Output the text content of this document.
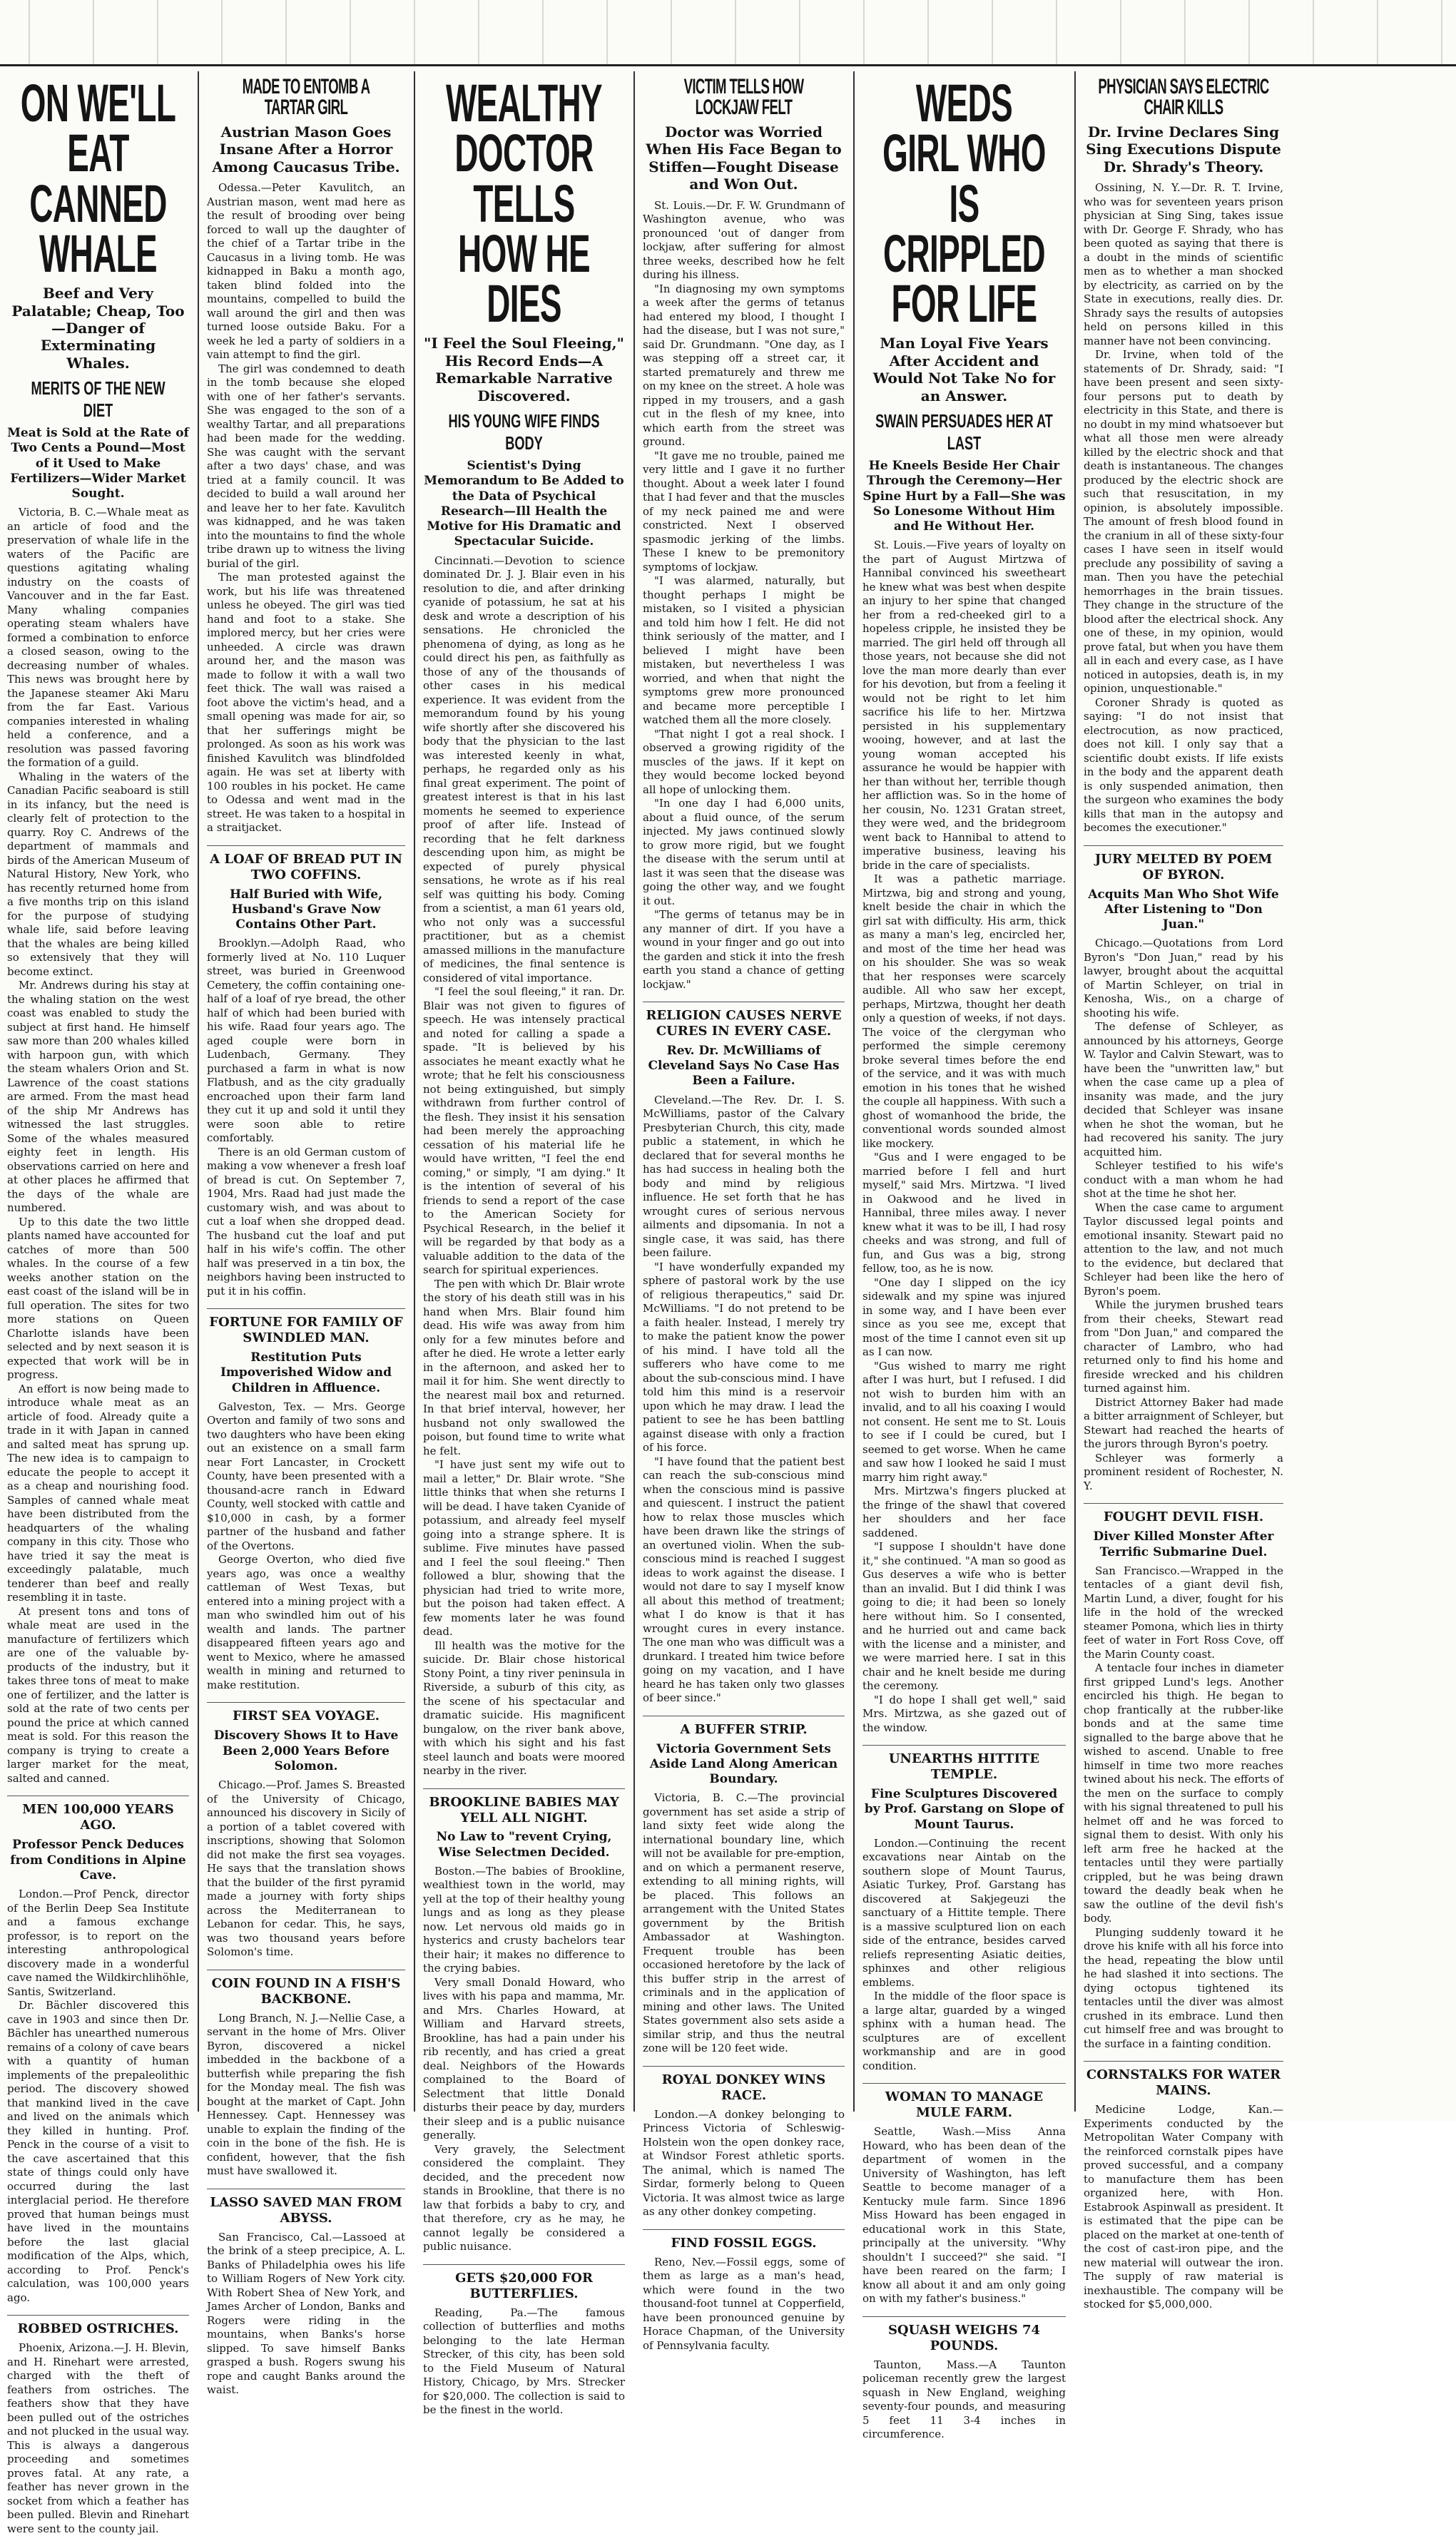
ON WE'LL EAT CANNED WHALE
Beef and Very Palatable; Cheap, Too—Danger of Exterminating Whales.
MERITS OF THE NEW DIET
Meat is Sold at the Rate of Two Cents a Pound—Most of it Used to Make Fertilizers—Wider Market Sought.

Victoria, B. C.—Whale meat as an article of food and the preservation of whale life in the waters of the Pacific are questions agitating whaling industry on the coasts of Vancouver and in the far East. Many whaling companies operating steam whalers have formed a combination to enforce a closed season, owing to the decreasing number of whales. This news was brought here by the Japanese steamer Aki Maru from the far East. Various companies interested in whaling held a conference, and a resolution was passed favoring the formation of a guild.

Whaling in the waters of the Canadian Pacific seaboard is still in its infancy, but the need is clearly felt of protection to the quarry. Roy C. Andrews of the department of mammals and birds of the American Museum of Natural History, New York, who has recently returned home from a five months trip on this island for the purpose of studying whale life, said before leaving that the whales are being killed so extensively that they will become extinct.

Mr. Andrews during his stay at the whaling station on the west coast was enabled to study the subject at first hand. He himself saw more than 200 whales killed with harpoon gun, with which the steam whalers Orion and St. Lawrence of the coast stations are armed. From the mast head of the ship Mr Andrews has witnessed the last struggles. Some of the whales measured eighty feet in length. His observations carried on here and at other places he affirmed that the days of the whale are numbered.

Up to this date the two little plants named have accounted for catches of more than 500 whales. In the course of a few weeks another station on the east coast of the island will be in full operation. The sites for two more stations on Queen Charlotte islands have been selected and by next season it is expected that work will be in progress.

An effort is now being made to introduce whale meat as an article of food. Already quite a trade in it with Japan in canned and salted meat has sprung up. The new idea is to campaign to educate the people to accept it as a cheap and nourishing food. Samples of canned whale meat have been distributed from the headquarters of the whaling company in this city. Those who have tried it say the meat is exceedingly palatable, much tenderer than beef and really resembling it in taste.

At present tons and tons of whale meat are used in the manufacture of fertilizers which are one of the valuable by-products of the industry, but it takes three tons of meat to make one of fertilizer, and the latter is sold at the rate of two cents per pound the price at which canned meat is sold. For this reason the company is trying to create a larger market for the meat, salted and canned.

MEN 100,000 YEARS AGO.
Professor Penck Deduces from Conditions in Alpine Cave.

London.—Prof Penck, director of the Berlin Deep Sea Institute and a famous exchange professor, is to report on the interesting anthropological discovery made in a wonderful cave named the Wildkirchlihöhle, Santis, Switzerland.

Dr. Bächler discovered this cave in 1903 and since then Dr. Bächler has unearthed numerous remains of a colony of cave bears with a quantity of human implements of the prepaleolithic period. The discovery showed that mankind lived in the cave and lived on the animals which they killed in hunting. Prof. Penck in the course of a visit to the cave ascertained that this state of things could only have occurred during the last interglacial period. He therefore proved that human beings must have lived in the mountains before the last glacial modification of the Alps, which, according to Prof. Penck's calculation, was 100,000 years ago.

ROBBED OSTRICHES.

Phoenix, Arizona.—J. H. Blevin, and H. Rinehart were arrested, charged with the theft of feathers from ostriches. The feathers show that they have been pulled out of the ostriches and not plucked in the usual way. This is always a dangerous proceeding and sometimes proves fatal. At any rate, a feather has never grown in the socket from which a feather has been pulled. Blevin and Rinehart were sent to the county jail.

MADE TO ENTOMB A TARTAR GIRL
Austrian Mason Goes Insane After a Horror Among Caucasus Tribe.

Odessa.—Peter Kavulitch, an Austrian mason, went mad here as the result of brooding over being forced to wall up the daughter of the chief of a Tartar tribe in the Caucasus in a living tomb. He was kidnapped in Baku a month ago, taken blind folded into the mountains, compelled to build the wall around the girl and then was turned loose outside Baku. For a week he led a party of soldiers in a vain attempt to find the girl.

The girl was condemned to death in the tomb because she eloped with one of her father's servants. She was engaged to the son of a wealthy Tartar, and all preparations had been made for the wedding. She was caught with the servant after a two days' chase, and was tried at a family council. It was decided to build a wall around her and leave her to her fate. Kavulitch was kidnapped, and he was taken into the mountains to find the whole tribe drawn up to witness the living burial of the girl.

The man protested against the work, but his life was threatened unless he obeyed. The girl was tied hand and foot to a stake. She implored mercy, but her cries were unheeded. A circle was drawn around her, and the mason was made to follow it with a wall two feet thick. The wall was raised a foot above the victim's head, and a small opening was made for air, so that her sufferings might be prolonged. As soon as his work was finished Kavulitch was blindfolded again. He was set at liberty with 100 roubles in his pocket. He came to Odessa and went mad in the street. He was taken to a hospital in a straitjacket.

A LOAF OF BREAD PUT IN TWO COFFINS.
Half Buried with Wife, Husband's Grave Now Contains Other Part.

Brooklyn.—Adolph Raad, who formerly lived at No. 110 Luquer street, was buried in Greenwood Cemetery, the coffin containing one-half of a loaf of rye bread, the other half of which had been buried with his wife. Raad four years ago. The aged couple were born in Ludenbach, Germany. They purchased a farm in what is now Flatbush, and as the city gradually encroached upon their farm land they cut it up and sold it until they were soon able to retire comfortably.

There is an old German custom of making a vow whenever a fresh loaf of bread is cut. On September 7, 1904, Mrs. Raad had just made the customary wish, and was about to cut a loaf when she dropped dead. The husband cut the loaf and put half in his wife's coffin. The other half was preserved in a tin box, the neighbors having been instructed to put it in his coffin.

FORTUNE FOR FAMILY OF SWINDLED MAN.
Restitution Puts Impoverished Widow and Children in Affluence.

Galveston, Tex. — Mrs. George Overton and family of two sons and two daughters who have been eking out an existence on a small farm near Fort Lancaster, in Crockett County, have been presented with a thousand-acre ranch in Edward County, well stocked with cattle and $10,000 in cash, by a former partner of the husband and father of the Overtons.

George Overton, who died five years ago, was once a wealthy cattleman of West Texas, but entered into a mining project with a man who swindled him out of his wealth and lands. The partner disappeared fifteen years ago and went to Mexico, where he amassed wealth in mining and returned to make restitution.

FIRST SEA VOYAGE.
Discovery Shows It to Have Been 2,000 Years Before Solomon.

Chicago.—Prof. James S. Breasted of the University of Chicago, announced his discovery in Sicily of a portion of a tablet covered with inscriptions, showing that Solomon did not make the first sea voyages. He says that the translation shows that the builder of the first pyramid made a journey with forty ships across the Mediterranean to Lebanon for cedar. This, he says, was two thousand years before Solomon's time.

COIN FOUND IN A FISH'S BACKBONE.

Long Branch, N. J.—Nellie Case, a servant in the home of Mrs. Oliver Byron, discovered a nickel imbedded in the backbone of a butterfish while preparing the fish for the Monday meal. The fish was bought at the market of Capt. John Hennessey. Capt. Hennessey was unable to explain the finding of the coin in the bone of the fish. He is confident, however, that the fish must have swallowed it.

LASSO SAVED MAN FROM ABYSS.

San Francisco, Cal.—Lassoed at the brink of a steep precipice, A. L. Banks of Philadelphia owes his life to William Rogers of New York city. With Robert Shea of New York, and James Archer of London, Banks and Rogers were riding in the mountains, when Banks's horse slipped. To save himself Banks grasped a bush. Rogers swung his rope and caught Banks around the waist.

WEALTHY DOCTOR TELLS HOW HE DIES
"I Feel the Soul Fleeing," His Record Ends—A Remarkable Narrative Discovered.
HIS YOUNG WIFE FINDS BODY
Scientist's Dying Memorandum to Be Added to the Data of Psychical Research—Ill Health the Motive for His Dramatic and Spectacular Suicide.

Cincinnati.—Devotion to science dominated Dr. J. J. Blair even in his resolution to die, and after drinking cyanide of potassium, he sat at his desk and wrote a description of his sensations. He chronicled the phenomena of dying, as long as he could direct his pen, as faithfully as those of any of the thousands of other cases in his medical experience. It was evident from the memorandum found by his young wife shortly after she discovered his body that the physician to the last was interested keenly in what, perhaps, he regarded only as his final great experiment. The point of greatest interest is that in his last moments he seemed to experience proof of after life. Instead of recording that he felt darkness descending upon him, as might be expected of purely physical sensations, he wrote as if his real self was quitting his body. Coming from a scientist, a man 61 years old, who not only was a successful practitioner, but as a chemist amassed millions in the manufacture of medicines, the final sentence is considered of vital importance.

"I feel the soul fleeing," it ran. Dr. Blair was not given to figures of speech. He was intensely practical and noted for calling a spade a spade. "It is believed by his associates he meant exactly what he wrote; that he felt his consciousness not being extinguished, but simply withdrawn from further control of the flesh. They insist it his sensation had been merely the approaching cessation of his material life he would have written, "I feel the end coming," or simply, "I am dying." It is the intention of several of his friends to send a report of the case to the American Society for Psychical Research, in the belief it will be regarded by that body as a valuable addition to the data of the search for spiritual experiences.

The pen with which Dr. Blair wrote the story of his death still was in his hand when Mrs. Blair found him dead. His wife was away from him only for a few minutes before and after he died. He wrote a letter early in the afternoon, and asked her to mail it for him. She went directly to the nearest mail box and returned. In that brief interval, however, her husband not only swallowed the poison, but found time to write what he felt.

"I have just sent my wife out to mail a letter," Dr. Blair wrote. "She little thinks that when she returns I will be dead. I have taken Cyanide of potassium, and already feel myself going into a strange sphere. It is sublime. Five minutes have passed and I feel the soul fleeing." Then followed a blur, showing that the physician had tried to write more, but the poison had taken effect. A few moments later he was found dead.

Ill health was the motive for the suicide. Dr. Blair chose historical Stony Point, a tiny river peninsula in Riverside, a suburb of this city, as the scene of his spectacular and dramatic suicide. His magnificent bungalow, on the river bank above, with which his sight and his fast steel launch and boats were moored nearby in the river.

BROOKLINE BABIES MAY YELL ALL NIGHT.
No Law to "revent Crying, Wise Selectmen Decided.

Boston.—The babies of Brookline, wealthiest town in the world, may yell at the top of their healthy young lungs and as long as they please now. Let nervous old maids go in hysterics and crusty bachelors tear their hair; it makes no difference to the crying babies.

Very small Donald Howard, who lives with his papa and mamma, Mr. and Mrs. Charles Howard, at William and Harvard streets, Brookline, has had a pain under his rib recently, and has cried a great deal. Neighbors of the Howards complained to the Board of Selectment that little Donald disturbs their peace by day, murders their sleep and is a public nuisance generally.

Very gravely, the Selectment considered the complaint. They decided, and the precedent now stands in Brookline, that there is no law that forbids a baby to cry, and that therefore, cry as he may, he cannot legally be considered a public nuisance.

GETS $20,000 FOR BUTTERFLIES.

Reading, Pa.—The famous collection of butterflies and moths belonging to the late Herman Strecker, of this city, has been sold to the Field Museum of Natural History, Chicago, by Mrs. Strecker for $20,000. The collection is said to be the finest in the world.

VICTIM TELLS HOW LOCKJAW FELT
Doctor was Worried When His Face Began to Stiffen—Fought Disease and Won Out.

St. Louis.—Dr. F. W. Grundmann of Washington avenue, who was pronounced 'out of danger from lockjaw, after suffering for almost three weeks, described how he felt during his illness.

"In diagnosing my own symptoms a week after the germs of tetanus had entered my blood, I thought I had the disease, but I was not sure," said Dr. Grundmann. "One day, as I was stepping off a street car, it started prematurely and threw me on my knee on the street. A hole was ripped in my trousers, and a gash cut in the flesh of my knee, into which earth from the street was ground.

"It gave me no trouble, pained me very little and I gave it no further thought. About a week later I found that I had fever and that the muscles of my neck pained me and were constricted. Next I observed spasmodic jerking of the limbs. These I knew to be premonitory symptoms of lockjaw.

"I was alarmed, naturally, but thought perhaps I might be mistaken, so I visited a physician and told him how I felt. He did not think seriously of the matter, and I believed I might have been mistaken, but nevertheless I was worried, and when that night the symptoms grew more pronounced and became more perceptible I watched them all the more closely.

"That night I got a real shock. I observed a growing rigidity of the muscles of the jaws. If it kept on they would become locked beyond all hope of unlocking them.

"In one day I had 6,000 units, about a fluid ounce, of the serum injected. My jaws continued slowly to grow more rigid, but we fought the disease with the serum until at last it was seen that the disease was going the other way, and we fought it out.

"The germs of tetanus may be in any manner of dirt. If you have a wound in your finger and go out into the garden and stick it into the fresh earth you stand a chance of getting lockjaw."

RELIGION CAUSES NERVE CURES IN EVERY CASE.
Rev. Dr. McWilliams of Cleveland Says No Case Has Been a Failure.

Cleveland.—The Rev. Dr. I. S. McWilliams, pastor of the Calvary Presbyterian Church, this city, made public a statement, in which he declared that for several months he has had success in healing both the body and mind by religious influence. He set forth that he has wrought cures of serious nervous ailments and dipsomania. In not a single case, it was said, has there been failure.

"I have wonderfully expanded my sphere of pastoral work by the use of religious therapeutics," said Dr. McWilliams. "I do not pretend to be a faith healer. Instead, I merely try to make the patient know the power of his mind. I have told all the sufferers who have come to me about the sub-conscious mind. I have told him this mind is a reservoir upon which he may draw. I lead the patient to see he has been battling against disease with only a fraction of his force.

"I have found that the patient best can reach the sub-conscious mind when the conscious mind is passive and quiescent. I instruct the patient how to relax those muscles which have been drawn like the strings of an overtuned violin. When the sub-conscious mind is reached I suggest ideas to work against the disease. I would not dare to say I myself know all about this method of treatment; what I do know is that it has wrought cures in every instance. The one man who was difficult was a drunkard. I treated him twice before going on my vacation, and I have heard he has taken only two glasses of beer since."

A BUFFER STRIP.
Victoria Government Sets Aside Land Along American Boundary.

Victoria, B. C.—The provincial government has set aside a strip of land sixty feet wide along the international boundary line, which will not be available for pre-emption, and on which a permanent reserve, extending to all mining rights, will be placed. This follows an arrangement with the United States government by the British Ambassador at Washington. Frequent trouble has been occasioned heretofore by the lack of this buffer strip in the arrest of criminals and in the application of mining and other laws. The United States government also sets aside a similar strip, and thus the neutral zone will be 120 feet wide.

ROYAL DONKEY WINS RACE.

London.—A donkey belonging to Princess Victoria of Schleswig-Holstein won the open donkey race, at Windsor Forest athletic sports. The animal, which is named The Sirdar, formerly belong to Queen Victoria. It was almost twice as large as any other donkey competing.

FIND FOSSIL EGGS.

Reno, Nev.—Fossil eggs, some of them as large as a man's head, which were found in the two thousand-foot tunnel at Copperfield, have been pronounced genuine by Horace Chapman, of the University of Pennsylvania faculty.

WEDS GIRL WHO IS CRIPPLED FOR LIFE
Man Loyal Five Years After Accident and Would Not Take No for an Answer.
SWAIN PERSUADES HER AT LAST
He Kneels Beside Her Chair Through the Ceremony—Her Spine Hurt by a Fall—She was So Lonesome Without Him and He Without Her.

St. Louis.—Five years of loyalty on the part of August Mirtzwa of Hannibal convinced his sweetheart he knew what was best when despite an injury to her spine that changed her from a red-cheeked girl to a hopeless cripple, he insisted they be married. The girl held off through all those years, not because she did not love the man more dearly than ever for his devotion, but from a feeling it would not be right to let him sacrifice his life to her. Mirtzwa persisted in his supplementary wooing, however, and at last the young woman accepted his assurance he would be happier with her than without her, terrible though her affliction was. So in the home of her cousin, No. 1231 Gratan street, they were wed, and the bridegroom went back to Hannibal to attend to imperative business, leaving his bride in the care of specialists.

It was a pathetic marriage. Mirtzwa, big and strong and young, knelt beside the chair in which the girl sat with difficulty. His arm, thick as many a man's leg, encircled her, and most of the time her head was on his shoulder. She was so weak that her responses were scarcely audible. All who saw her except, perhaps, Mirtzwa, thought her death only a question of weeks, if not days. The voice of the clergyman who performed the simple ceremony broke several times before the end of the service, and it was with much emotion in his tones that he wished the couple all happiness. With such a ghost of womanhood the bride, the conventional words sounded almost like mockery.

"Gus and I were engaged to be married before I fell and hurt myself," said Mrs. Mirtzwa. "I lived in Oakwood and he lived in Hannibal, three miles away. I never knew what it was to be ill, I had rosy cheeks and was strong, and full of fun, and Gus was a big, strong fellow, too, as he is now.

"One day I slipped on the icy sidewalk and my spine was injured in some way, and I have been ever since as you see me, except that most of the time I cannot even sit up as I can now.

"Gus wished to marry me right after I was hurt, but I refused. I did not wish to burden him with an invalid, and to all his coaxing I would not consent. He sent me to St. Louis to see if I could be cured, but I seemed to get worse. When he came and saw how I looked he said I must marry him right away."

Mrs. Mirtzwa's fingers plucked at the fringe of the shawl that covered her shoulders and her face saddened.

"I suppose I shouldn't have done it," she continued. "A man so good as Gus deserves a wife who is better than an invalid. But I did think I was going to die; it had been so lonely here without him. So I consented, and he hurried out and came back with the license and a minister, and we were married here. I sat in this chair and he knelt beside me during the ceremony.

"I do hope I shall get well," said Mrs. Mirtzwa, as she gazed out of the window.

UNEARTHS HITTITE TEMPLE.
Fine Sculptures Discovered by Prof. Garstang on Slope of Mount Taurus.

London.—Continuing the recent excavations near Aintab on the southern slope of Mount Taurus, Asiatic Turkey, Prof. Garstang has discovered at Sakjegeuzi the sanctuary of a Hittite temple. There is a massive sculptured lion on each side of the entrance, besides carved reliefs representing Asiatic deities, sphinxes and other religious emblems.

In the middle of the floor space is a large altar, guarded by a winged sphinx with a human head. The sculptures are of excellent workmanship and are in good condition.

WOMAN TO MANAGE MULE FARM.

Seattle, Wash.—Miss Anna Howard, who has been dean of the department of women in the University of Washington, has left Seattle to become manager of a Kentucky mule farm. Since 1896 Miss Howard has been engaged in educational work in this State, principally at the university. "Why shouldn't I succeed?" she said. "I have been reared on the farm; I know all about it and am only going on with my father's business."

SQUASH WEIGHS 74 POUNDS.

Taunton, Mass.—A Taunton policeman recently grew the largest squash in New England, weighing seventy-four pounds, and measuring 5 feet 11 3-4 inches in circumference.

PHYSICIAN SAYS ELECTRIC CHAIR KILLS
Dr. Irvine Declares Sing Sing Executions Dispute Dr. Shrady's Theory.

Ossining, N. Y.—Dr. R. T. Irvine, who was for seventeen years prison physician at Sing Sing, takes issue with Dr. George F. Shrady, who has been quoted as saying that there is a doubt in the minds of scientific men as to whether a man shocked by electricity, as carried on by the State in executions, really dies. Dr. Shrady says the results of autopsies held on persons killed in this manner have not been convincing.

Dr. Irvine, when told of the statements of Dr. Shrady, said: "I have been present and seen sixty-four persons put to death by electricity in this State, and there is no doubt in my mind whatsoever but what all those men were already killed by the electric shock and that death is instantaneous. The changes produced by the electric shock are such that resuscitation, in my opinion, is absolutely impossible. The amount of fresh blood found in the cranium in all of these sixty-four cases I have seen in itself would preclude any possibility of saving a man. Then you have the petechial hemorrhages in the brain tissues. They change in the structure of the blood after the electrical shock. Any one of these, in my opinion, would prove fatal, but when you have them all in each and every case, as I have noticed in autopsies, death is, in my opinion, unquestionable."

Coroner Shrady is quoted as saying: "I do not insist that electrocution, as now practiced, does not kill. I only say that a scientific doubt exists. If life exists in the body and the apparent death is only suspended animation, then the surgeon who examines the body kills that man in the autopsy and becomes the executioner."

JURY MELTED BY POEM OF BYRON.
Acquits Man Who Shot Wife After Listening to "Don Juan."

Chicago.—Quotations from Lord Byron's "Don Juan," read by his lawyer, brought about the acquittal of Martin Schleyer, on trial in Kenosha, Wis., on a charge of shooting his wife.

The defense of Schleyer, as announced by his attorneys, George W. Taylor and Calvin Stewart, was to have been the "unwritten law," but when the case came up a plea of insanity was made, and the jury decided that Schleyer was insane when he shot the woman, but he had recovered his sanity. The jury acquitted him.

Schleyer testified to his wife's conduct with a man whom he had shot at the time he shot her.

When the case came to argument Taylor discussed legal points and emotional insanity. Stewart paid no attention to the law, and not much to the evidence, but declared that Schleyer had been like the hero of Byron's poem.

While the jurymen brushed tears from their cheeks, Stewart read from "Don Juan," and compared the character of Lambro, who had returned only to find his home and fireside wrecked and his children turned against him.

District Attorney Baker had made a bitter arraignment of Schleyer, but Stewart had reached the hearts of the jurors through Byron's poetry.

Schleyer was formerly a prominent resident of Rochester, N. Y.

FOUGHT DEVIL FISH.
Diver Killed Monster After Terrific Submarine Duel.

San Francisco.—Wrapped in the tentacles of a giant devil fish, Martin Lund, a diver, fought for his life in the hold of the wrecked steamer Pomona, which lies in thirty feet of water in Fort Ross Cove, off the Marin County coast.

A tentacle four inches in diameter first gripped Lund's legs. Another encircled his thigh. He began to chop frantically at the rubber-like bonds and at the same time signalled to the barge above that he wished to ascend. Unable to free himself in time two more reaches twined about his neck. The efforts of the men on the surface to comply with his signal threatened to pull his helmet off and he was forced to signal them to desist. With only his left arm free he hacked at the tentacles until they were partially crippled, but he was being drawn toward the deadly beak when he saw the outline of the devil fish's body.

Plunging suddenly toward it he drove his knife with all his force into the head, repeating the blow until he had slashed it into sections. The dying octopus tightened its tentacles until the diver was almost crushed in its embrace. Lund then cut himself free and was brought to the surface in a fainting condition.

CORNSTALKS FOR WATER MAINS.

Medicine Lodge, Kan.—Experiments conducted by the Metropolitan Water Company with the reinforced cornstalk pipes have proved successful, and a company to manufacture them has been organized here, with Hon. Estabrook Aspinwall as president. It is estimated that the pipe can be placed on the market at one-tenth of the cost of cast-iron pipe, and the new material will outwear the iron. The supply of raw material is inexhaustible. The company will be stocked for $5,000,000.
